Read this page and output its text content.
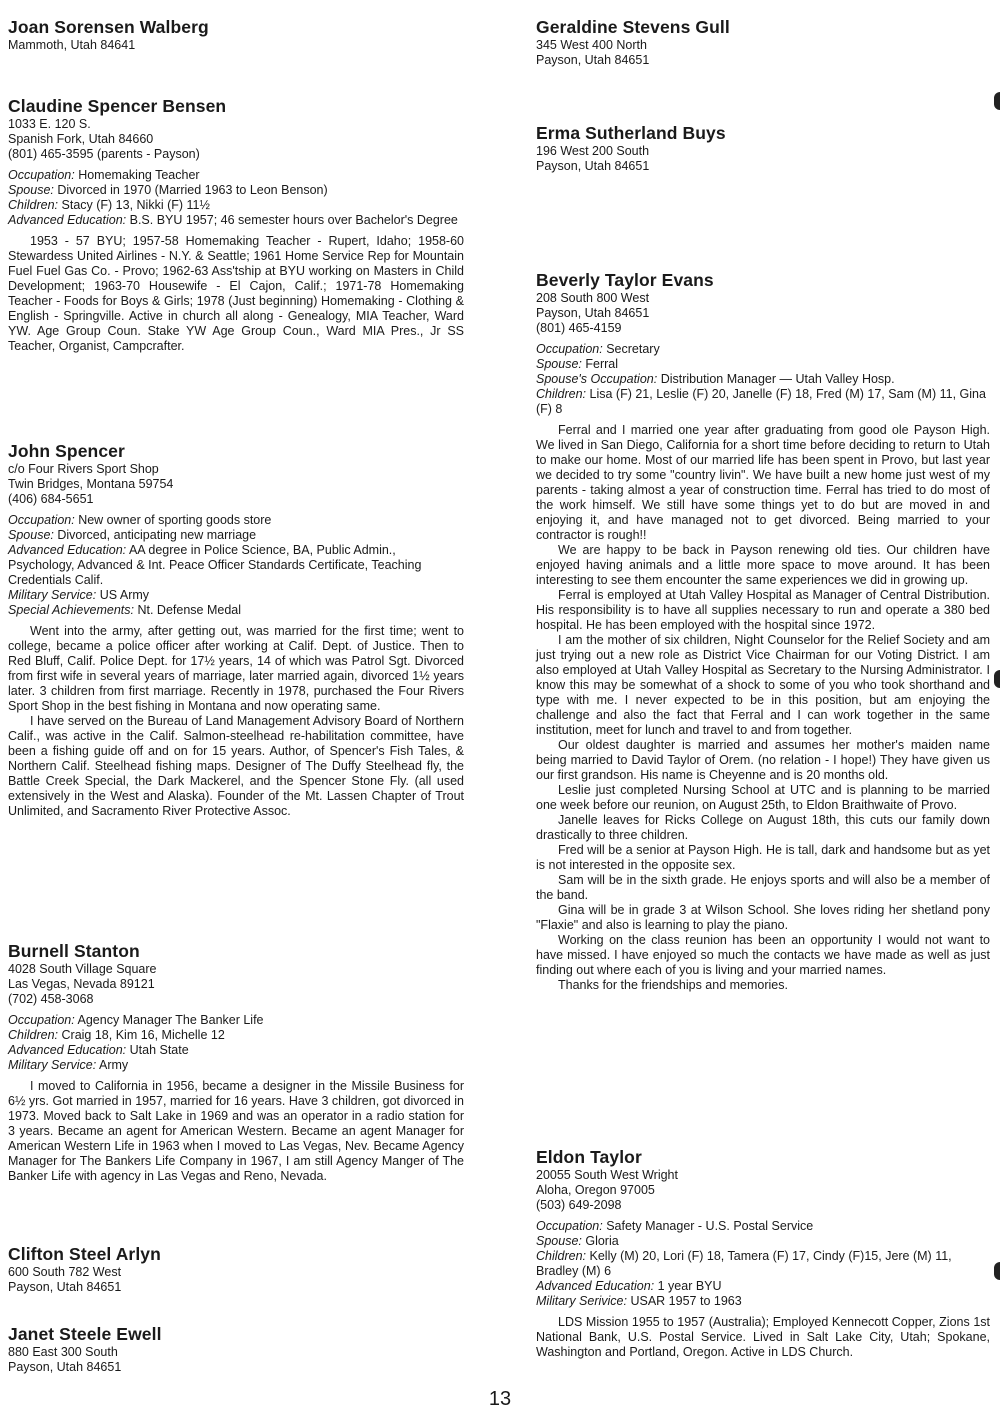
Joan Sorensen Walberg
Mammoth, Utah 84641
Claudine Spencer Bensen
1033 E. 120 S.
Spanish Fork, Utah 84660
(801) 465-3595 (parents - Payson)
Occupation: Homemaking Teacher
Spouse: Divorced in 1970 (Married 1963 to Leon Benson)
Children: Stacy (F) 13, Nikki (F) 11½
Advanced Education: B.S. BYU 1957; 46 semester hours over Bachelor's Degree

1953 - 57 BYU; 1957-58 Homemaking Teacher - Rupert, Idaho; 1958-60 Stewardess United Airlines - N.Y. & Seattle; 1961 Home Service Rep for Mountain Fuel Fuel Gas Co. - Provo; 1962-63 Ass'tship at BYU working on Masters in Child Development; 1963-70 Housewife - El Cajon, Calif.; 1971-78 Homemaking Teacher - Foods for Boys & Girls; 1978 (Just beginning) Homemaking - Clothing & English - Springville. Active in church all along - Genealogy, MIA Teacher, Ward YW. Age Group Coun. Stake YW Age Group Coun., Ward MIA Pres., Jr SS Teacher, Organist, Campcrafter.

John Spencer
c/o Four Rivers Sport Shop
Twin Bridges, Montana 59754
(406) 684-5651
Occupation: New owner of sporting goods store
Spouse: Divorced, anticipating new marriage
Advanced Education: AA degree in Police Science, BA, Public Admin., Psychology, Advanced & Int. Peace Officer Standards Certificate, Teaching Credentials Calif.
Military Service: US Army
Special Achievements: Nt. Defense Medal

Went into the army, after getting out, was married for the first time; went to college, became a police officer after working at Calif. Dept. of Justice. Then to Red Bluff, Calif. Police Dept. for 17½ years, 14 of which was Patrol Sgt. Divorced from first wife in several years of marriage, later married again, divorced 1½ years later. 3 children from first marriage. Recently in 1978, purchased the Four Rivers Sport Shop in the best fishing in Montana and now operating same.

I have served on the Bureau of Land Management Advisory Board of Northern Calif., was active in the Calif. Salmon-steelhead re-habilitation committee, have been a fishing guide off and on for 15 years. Author, of Spencer's Fish Tales, & Northern Calif. Steelhead fishing maps. Designer of The Duffy Steelhead fly, the Battle Creek Special, the Dark Mackerel, and the Spencer Stone Fly. (all used extensively in the West and Alaska). Founder of the Mt. Lassen Chapter of Trout Unlimited, and Sacramento River Protective Assoc.

Burnell Stanton
4028 South Village Square
Las Vegas, Nevada 89121
(702) 458-3068
Occupation: Agency Manager The Banker Life
Children: Craig 18, Kim 16, Michelle 12
Advanced Education: Utah State
Military Service: Army

I moved to California in 1956, became a designer in the Missile Business for 6½ yrs. Got married in 1957, married for 16 years. Have 3 children, got divorced in 1973. Moved back to Salt Lake in 1969 and was an operator in a radio station for 3 years. Became an agent for American Western. Became an agent Manager for American Western Life in 1963 when I moved to Las Vegas, Nev. Became Agency Manager for The Bankers Life Company in 1967, I am still Agency Manger of The Banker Life with agency in Las Vegas and Reno, Nevada.

Clifton Steel Arlyn
600 South 782 West
Payson, Utah 84651
Janet Steele Ewell
880 East 300 South
Payson, Utah 84651
Geraldine Stevens Gull
345 West 400 North
Payson, Utah 84651
Erma Sutherland Buys
196 West 200 South
Payson, Utah 84651
Beverly Taylor Evans
208 South 800 West
Payson, Utah 84651
(801) 465-4159
Occupation: Secretary
Spouse: Ferral
Spouse's Occupation: Distribution Manager — Utah Valley Hosp.
Children: Lisa (F) 21, Leslie (F) 20, Janelle (F) 18, Fred (M) 17, Sam (M) 11, Gina (F) 8

Ferral and I married one year after graduating from good ole Payson High. We lived in San Diego, California for a short time before deciding to return to Utah to make our home. Most of our married life has been spent in Provo, but last year we decided to try some "country livin". We have built a new home just west of my parents - taking almost a year of construction time. Ferral has tried to do most of the work himself. We still have some things yet to do but are moved in and enjoying it, and have managed not to get divorced. Being married to your contractor is rough!!

We are happy to be back in Payson renewing old ties. Our children have enjoyed having animals and a little more space to move around. It has been interesting to see them encounter the same experiences we did in growing up.

Ferral is employed at Utah Valley Hospital as Manager of Central Distribution. His responsibility is to have all supplies necessary to run and operate a 380 bed hospital. He has been employed with the hospital since 1972.

I am the mother of six children, Night Counselor for the Relief Society and am just trying out a new role as District Vice Chairman for our Voting District. I am also employed at Utah Valley Hospital as Secretary to the Nursing Administrator. I know this may be somewhat of a shock to some of you who took shorthand and type with me. I never expected to be in this position, but am enjoying the challenge and also the fact that Ferral and I can work together in the same institution, meet for lunch and travel to and from together.

Our oldest daughter is married and assumes her mother's maiden name being married to David Taylor of Orem. (no relation - I hope!) They have given us our first grandson. His name is Cheyenne and is 20 months old.

Leslie just completed Nursing School at UTC and is planning to be married one week before our reunion, on August 25th, to Eldon Braithwaite of Provo.

Janelle leaves for Ricks College on August 18th, this cuts our family down drastically to three children.

Fred will be a senior at Payson High. He is tall, dark and handsome but as yet is not interested in the opposite sex.

Sam will be in the sixth grade. He enjoys sports and will also be a member of the band.

Gina will be in grade 3 at Wilson School. She loves riding her shetland pony "Flaxie" and also is learning to play the piano.

Working on the class reunion has been an opportunity I would not want to have missed. I have enjoyed so much the contacts we have made as well as just finding out where each of you is living and your married names.

Thanks for the friendships and memories.

Eldon Taylor
20055 South West Wright
Aloha, Oregon 97005
(503) 649-2098
Occupation: Safety Manager - U.S. Postal Service
Spouse: Gloria
Children: Kelly (M) 20, Lori (F) 18, Tamera (F) 17, Cindy (F)15, Jere (M) 11, Bradley (M) 6
Advanced Education: 1 year BYU
Military Serivice: USAR 1957 to 1963

LDS Mission 1955 to 1957 (Australia); Employed Kennecott Copper, Zions 1st National Bank, U.S. Postal Service. Lived in Salt Lake City, Utah; Spokane, Washington and Portland, Oregon. Active in LDS Church.

13
